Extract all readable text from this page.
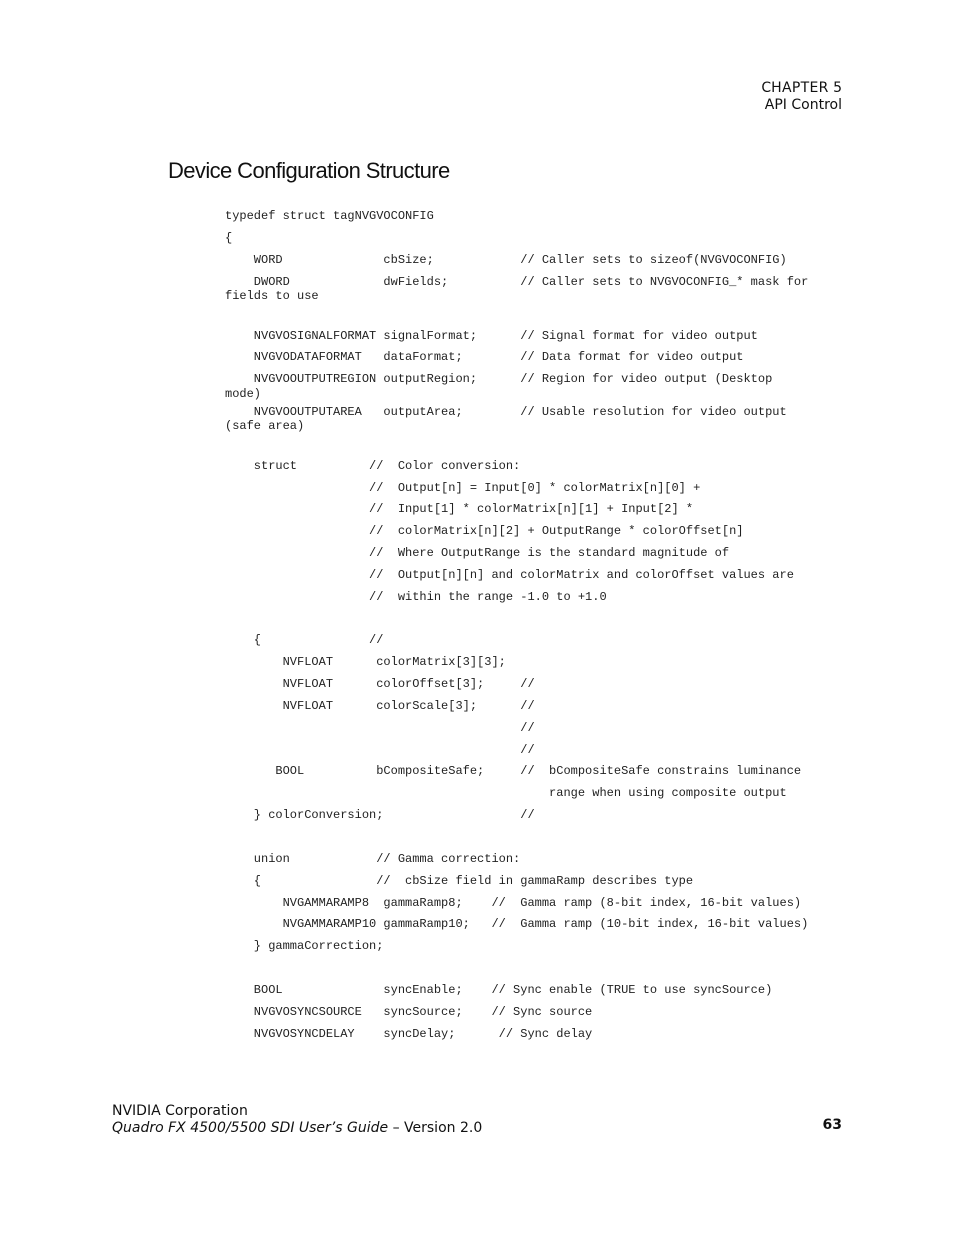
CHAPTER 5
API Control
Device Configuration Structure
typedef struct tagNVGVOCONFIG
{
WORD              cbSize;            // Caller sets to sizeof(NVGVOCONFIG)
DWORD             dwFields;          // Caller sets to NVGVOCONFIG_* mask for
fields to use
NVGVOSIGNALFORMAT signalFormat;      // Signal format for video output
NVGVODATAFORMAT   dataFormat;        // Data format for video output
NVGVOOUTPUTREGION outputRegion;      // Region for video output (Desktop
mode)
NVGVOOUTPUTAREA   outputArea;        // Usable resolution for video output
(safe area)
struct          //  Color conversion:
//  Output[n] = Input[0] * colorMatrix[n][0] +
//  Input[1] * colorMatrix[n][1] + Input[2] *
//  colorMatrix[n][2] + OutputRange * colorOffset[n]
//  Where OutputRange is the standard magnitude of
//  Output[n][n] and colorMatrix and colorOffset values are
//  within the range -1.0 to +1.0
{               //
NVFLOAT      colorMatrix[3][3];
NVFLOAT      colorOffset[3];     //
NVFLOAT      colorScale[3];      //
//
//
BOOL          bCompositeSafe;     //  bCompositeSafe constrains luminance
range when using composite output
} colorConversion;                   //
union            // Gamma correction:
{                //  cbSize field in gammaRamp describes type
NVGAMMARAMP8  gammaRamp8;    //  Gamma ramp (8-bit index, 16-bit values)
NVGAMMARAMP10 gammaRamp10;   //  Gamma ramp (10-bit index, 16-bit values)
} gammaCorrection;
BOOL              syncEnable;    // Sync enable (TRUE to use syncSource)
NVGVOSYNCSOURCE   syncSource;    // Sync source
NVGVOSYNCDELAY    syncDelay;      // Sync delay
NVIDIA Corporation
Quadro FX 4500/5500 SDI User’s Guide – Version 2.0	63
